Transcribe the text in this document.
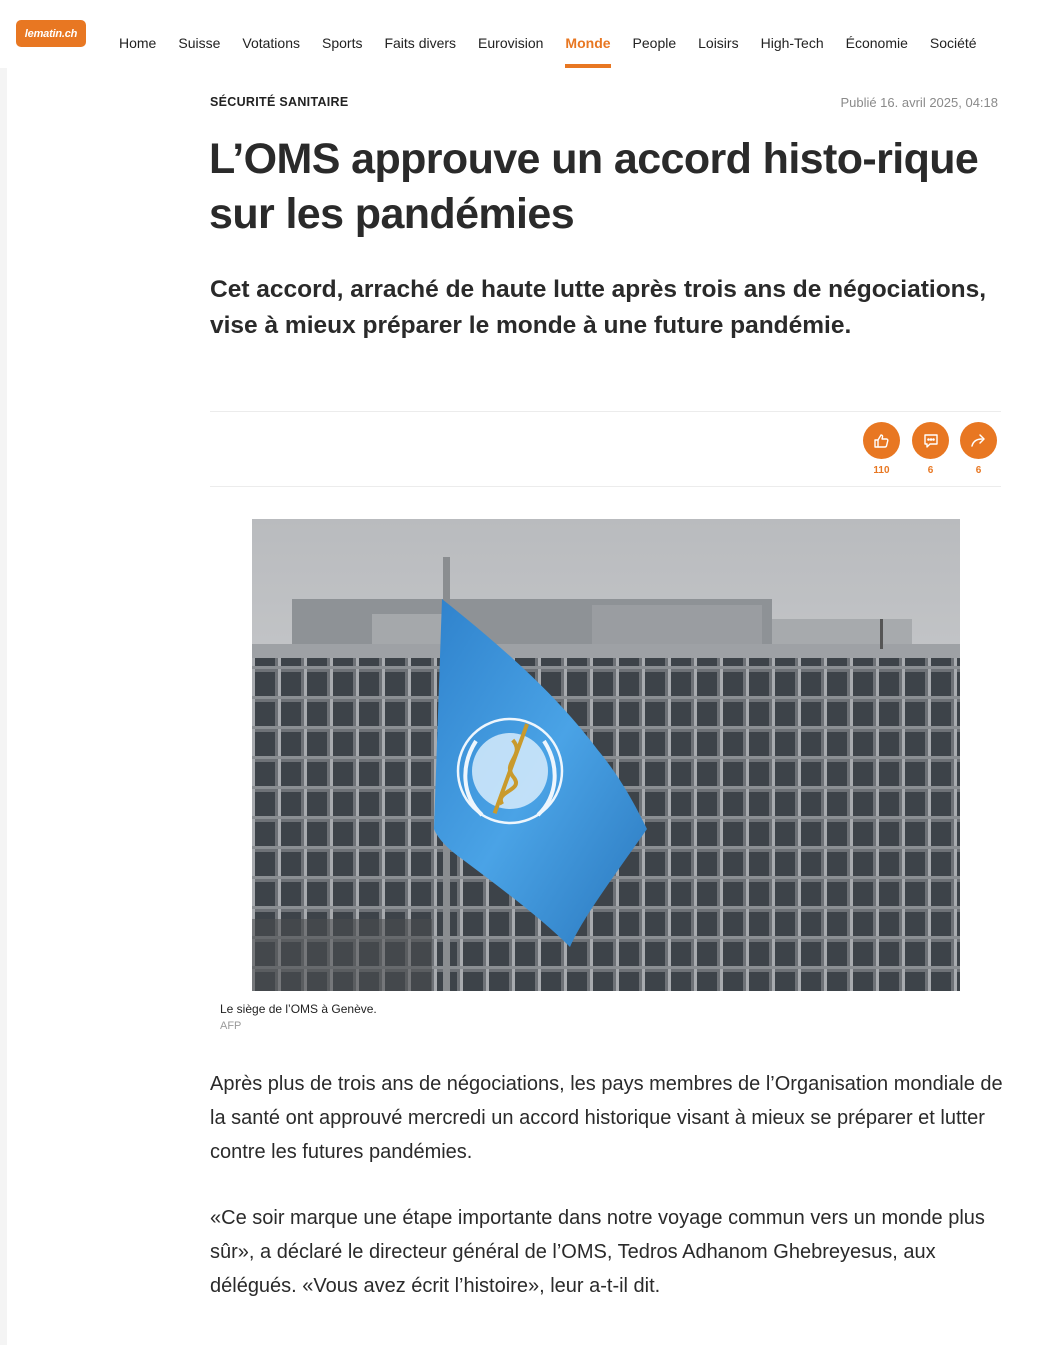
lematin.ch
Home	Suisse	Votations	Sports	Faits divers	Eurovision	Monde	People	Loisirs	High-Tech	Économie	Société
SÉCURITÉ SANITAIRE	Publié 16. avril 2025, 04:18
L’OMS approuve un accord histo-rique sur les pandémies

Cet accord, arraché de haute lutte après trois ans de négociations, vise à mieux préparer le monde à une future pandémie.

110	6	6
Le siège de l’OMS à Genève.
AFP

Après plus de trois ans de négociations, les pays membres de l’Organisation mondiale de la santé ont approuvé mercredi un accord historique visant à mieux se préparer et lutter contre les futures pandémies.

«Ce soir marque une étape importante dans notre voyage commun vers un monde plus sûr», a déclaré le directeur général de l’OMS, Tedros Adhanom Ghebreyesus, aux délégués. «Vous avez écrit l’histoire», leur a-t-il dit.
